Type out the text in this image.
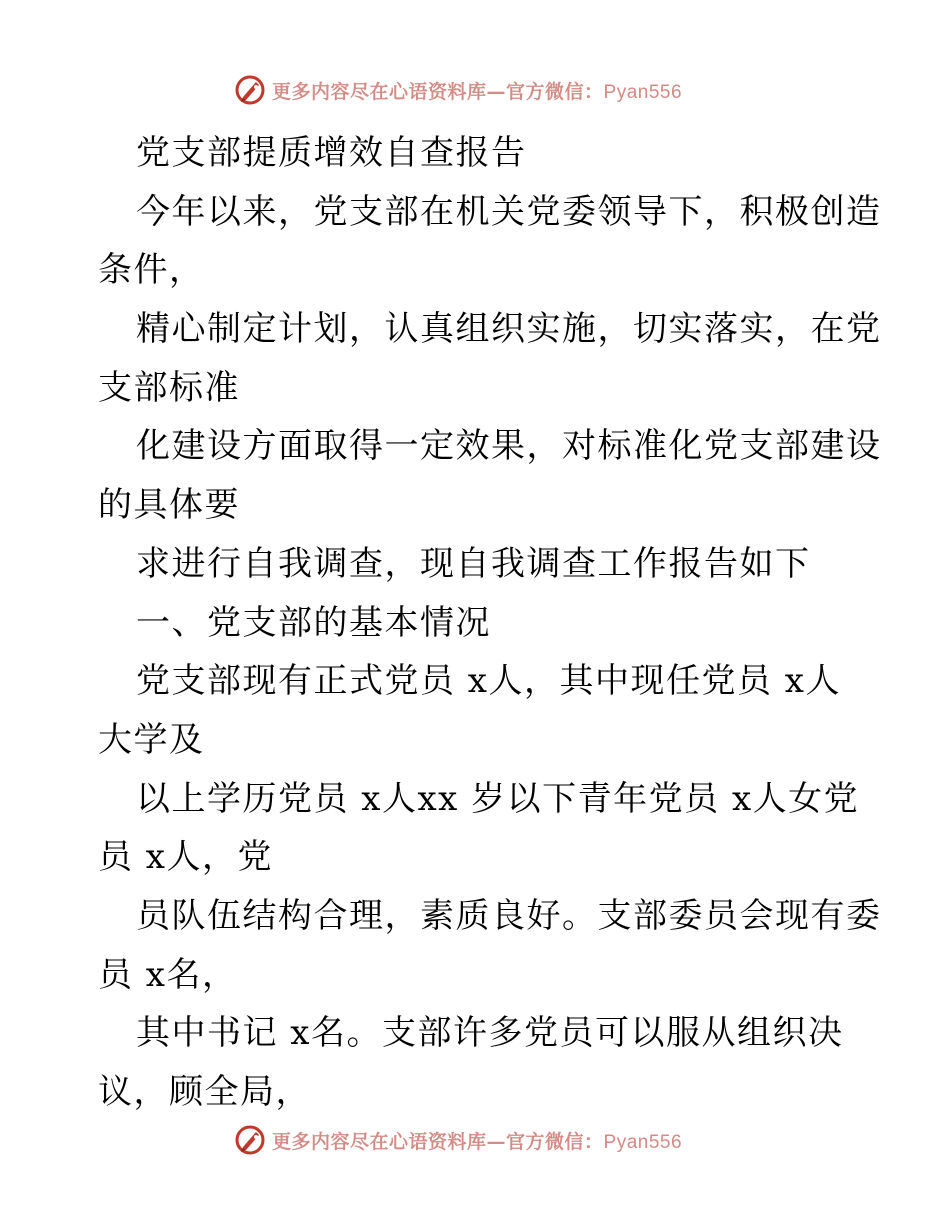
更多内容尽在心语资料库—官方微信：Pyan556
党支部提质增效自查报告
今年以来，党支部在机关党委领导下，积极创造
条件，
精心制定计划，认真组织实施，切实落实，在党
支部标准
化建设方面取得一定效果，对标准化党支部建设
的具体要
求进行自我调查，现自我调查工作报告如下
一、党支部的基本情况
党支部现有正式党员 x人，其中现任党员 x人
大学及
以上学历党员 x人xx 岁以下青年党员 x人女党
员 x人，党
员队伍结构合理，素质良好。支部委员会现有委
员 x名，
其中书记 x名。支部许多党员可以服从组织决
议，顾全局，
更多内容尽在心语资料库—官方微信：Pyan556
